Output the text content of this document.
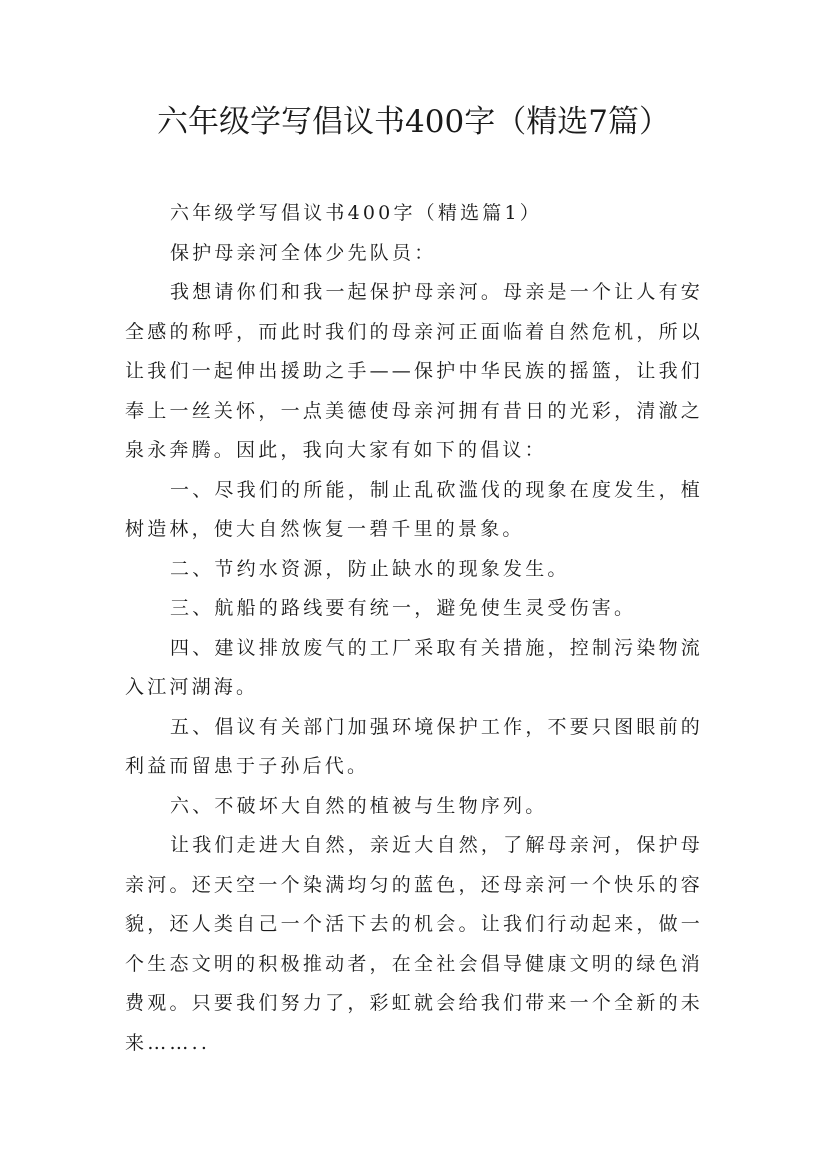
六年级学写倡议书400字（精选7篇）

六年级学写倡议书400字（精选篇1）

保护母亲河全体少先队员：

我想请你们和我一起保护母亲河。母亲是一个让人有安全感的称呼，而此时我们的母亲河正面临着自然危机，所以让我们一起伸出援助之手——保护中华民族的摇篮，让我们奉上一丝关怀，一点美德使母亲河拥有昔日的光彩，清澈之泉永奔腾。因此，我向大家有如下的倡议：

一、尽我们的所能，制止乱砍滥伐的现象在度发生，植树造林，使大自然恢复一碧千里的景象。

二、节约水资源，防止缺水的现象发生。

三、航船的路线要有统一，避免使生灵受伤害。

四、建议排放废气的工厂采取有关措施，控制污染物流入江河湖海。

五、倡议有关部门加强环境保护工作，不要只图眼前的利益而留患于子孙后代。

六、不破坏大自然的植被与生物序列。

让我们走进大自然，亲近大自然，了解母亲河，保护母亲河。还天空一个染满均匀的蓝色，还母亲河一个快乐的容貌，还人类自己一个活下去的机会。让我们行动起来，做一个生态文明的积极推动者，在全社会倡导健康文明的绿色消费观。只要我们努力了，彩虹就会给我们带来一个全新的未来……..
